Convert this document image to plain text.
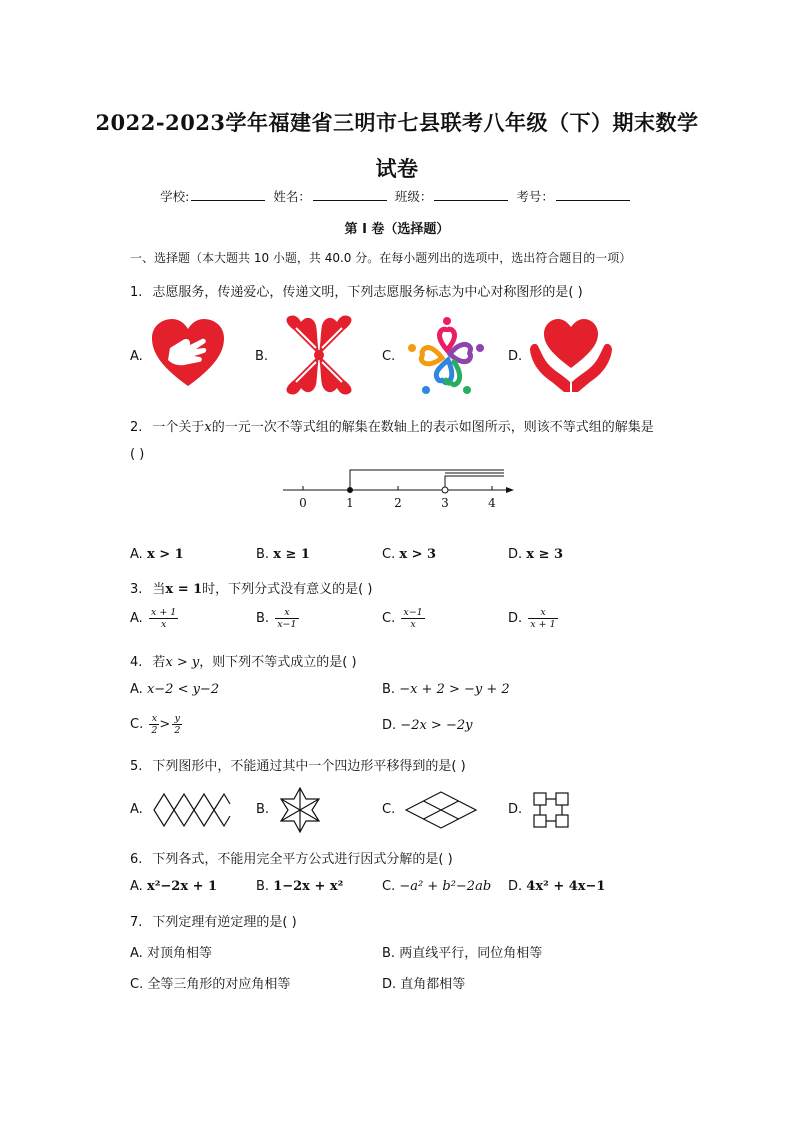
2022-2023学年福建省三明市七县联考八年级（下）期末数学试卷
学校:	姓名：	班级：	考号：
第 I 卷（选择题）
一、选择题（本大题共 10 小题，共 40.0 分。在每小题列出的选项中，选出符合题目的一项）
1. 志愿服务，传递爱心，传递文明，下列志愿服务标志为中心对称图形的是( )
A.	B.	C.	D.
2. 一个关于x的一元一次不等式组的解集在数轴上的表示如图所示，则该不等式组的解集是
( )
0	1	2	3	4
A. x > 1	B. x ≥ 1	C. x > 3	D. x ≥ 3
3. 当x = 1时，下列分式没有意义的是( )
A. $\frac{x + 1}{x}$	B. $\frac{x}{x-1}$	C. $\frac{x-1}{x}$	D. $\frac{x}{x + 1}$
4. 若x > y，则下列不等式成立的是( )
A. x−2 < y−2	B. −x + 2 > −y + 2
C. $\frac{x}{2} > \frac{y}{2}$	D. −2x > −2y
5. 下列图形中，不能通过其中一个四边形平移得到的是( )
A.	B.	C.	D.
6. 下列各式，不能用完全平方公式进行因式分解的是( )
A. x²−2x + 1	B. 1−2x + x²	C. −a² + b²−2ab D. 4x² + 4x−1
7. 下列定理有逆定理的是( )
A. 对顶角相等	B. 两直线平行，同位角相等
C. 全等三角形的对应角相等	D. 直角都相等
